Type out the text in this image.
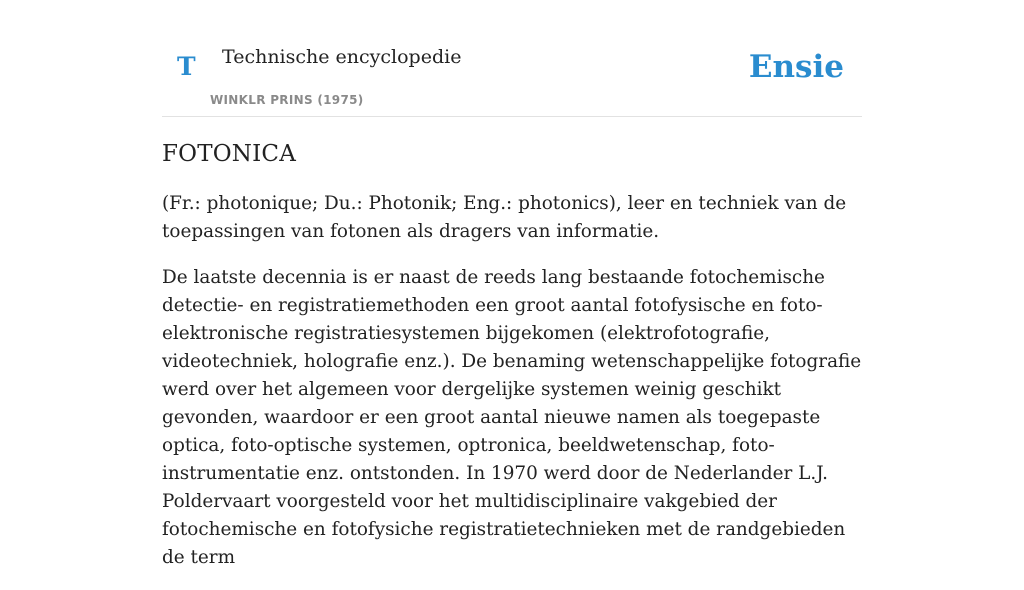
T Technische encyclopedie
WINKLR PRINS (1975)
Ensie
FOTONICA

(Fr.: photonique; Du.: Photonik; Eng.: photonics), leer en techniek van de toepassingen van fotonen als dragers van informatie.

De laatste decennia is er naast de reeds lang bestaande fotochemische detectie- en registratiemethoden een groot aantal fotofysische en foto-elektronische registratiesystemen bijgekomen (elektrofotografie, videotechniek, holografie enz.). De benaming wetenschappelijke fotografie werd over het algemeen voor dergelijke systemen weinig geschikt gevonden, waardoor er een groot aantal nieuwe namen als toegepaste optica, foto-optische systemen, optronica, beeldwetenschap, foto-instrumentatie enz. ontstonden. In 1970 werd door de Nederlander L.J. Poldervaart voorgesteld voor het multidisciplinaire vakgebied der fotochemische en fotofysiche registratietechnieken met de randgebieden de term
